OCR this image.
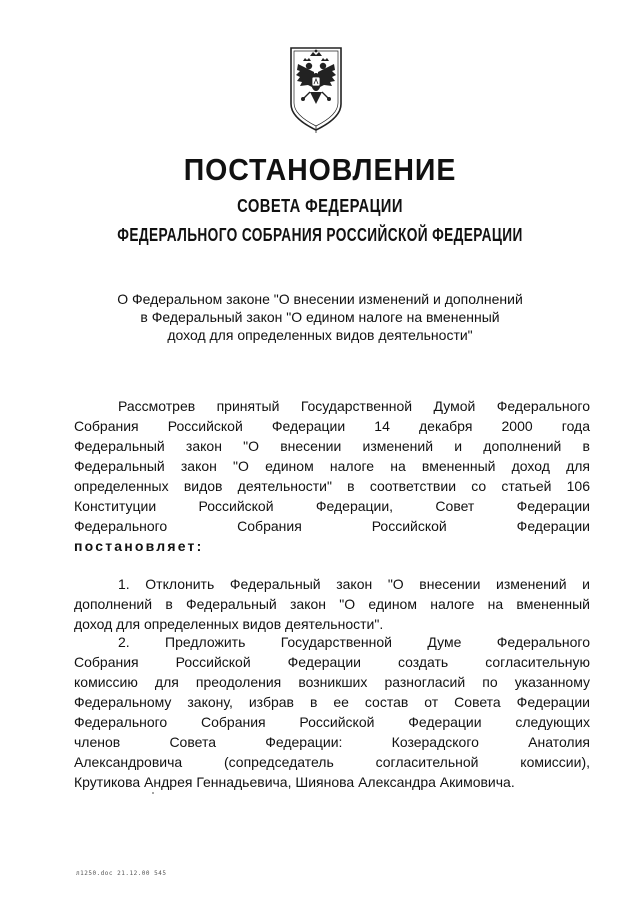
ПОСТАНОВЛЕНИЕ
СОВЕТА ФЕДЕРАЦИИ
ФЕДЕРАЛЬНОГО СОБРАНИЯ РОССИЙСКОЙ ФЕДЕРАЦИИ
О Федеральном законе "О внесении изменений и дополнений
в Федеральный закон "О едином налоге на вмененный
доход для определенных видов деятельности"
Рассмотрев принятый Государственной Думой Федерального
Собрания Российской Федерации 14 декабря 2000 года
Федеральный закон "О внесении изменений и дополнений в
Федеральный закон "О едином налоге на вмененный доход для
определенных видов деятельности" в соответствии со статьей 106
Конституции Российской Федерации, Совет Федерации
Федерального Собрания Российской Федерации
постановляет:
1. Отклонить Федеральный закон "О внесении изменений и
дополнений в Федеральный закон "О едином налоге на вмененный
доход для определенных видов деятельности".
2. Предложить Государственной Думе Федерального
Собрания Российской Федерации создать согласительную
комиссию для преодоления возникших разногласий по указанному
Федеральному закону, избрав в ее состав от Совета Федерации
Федерального Собрания Российской Федерации следующих
членов Совета Федерации: Козерадского Анатолия
Александровича (сопредседатель согласительной комиссии),
Крутикова Андрея Геннадьевича, Шиянова Александра Акимовича.
л1250.doc 21.12.00 545
